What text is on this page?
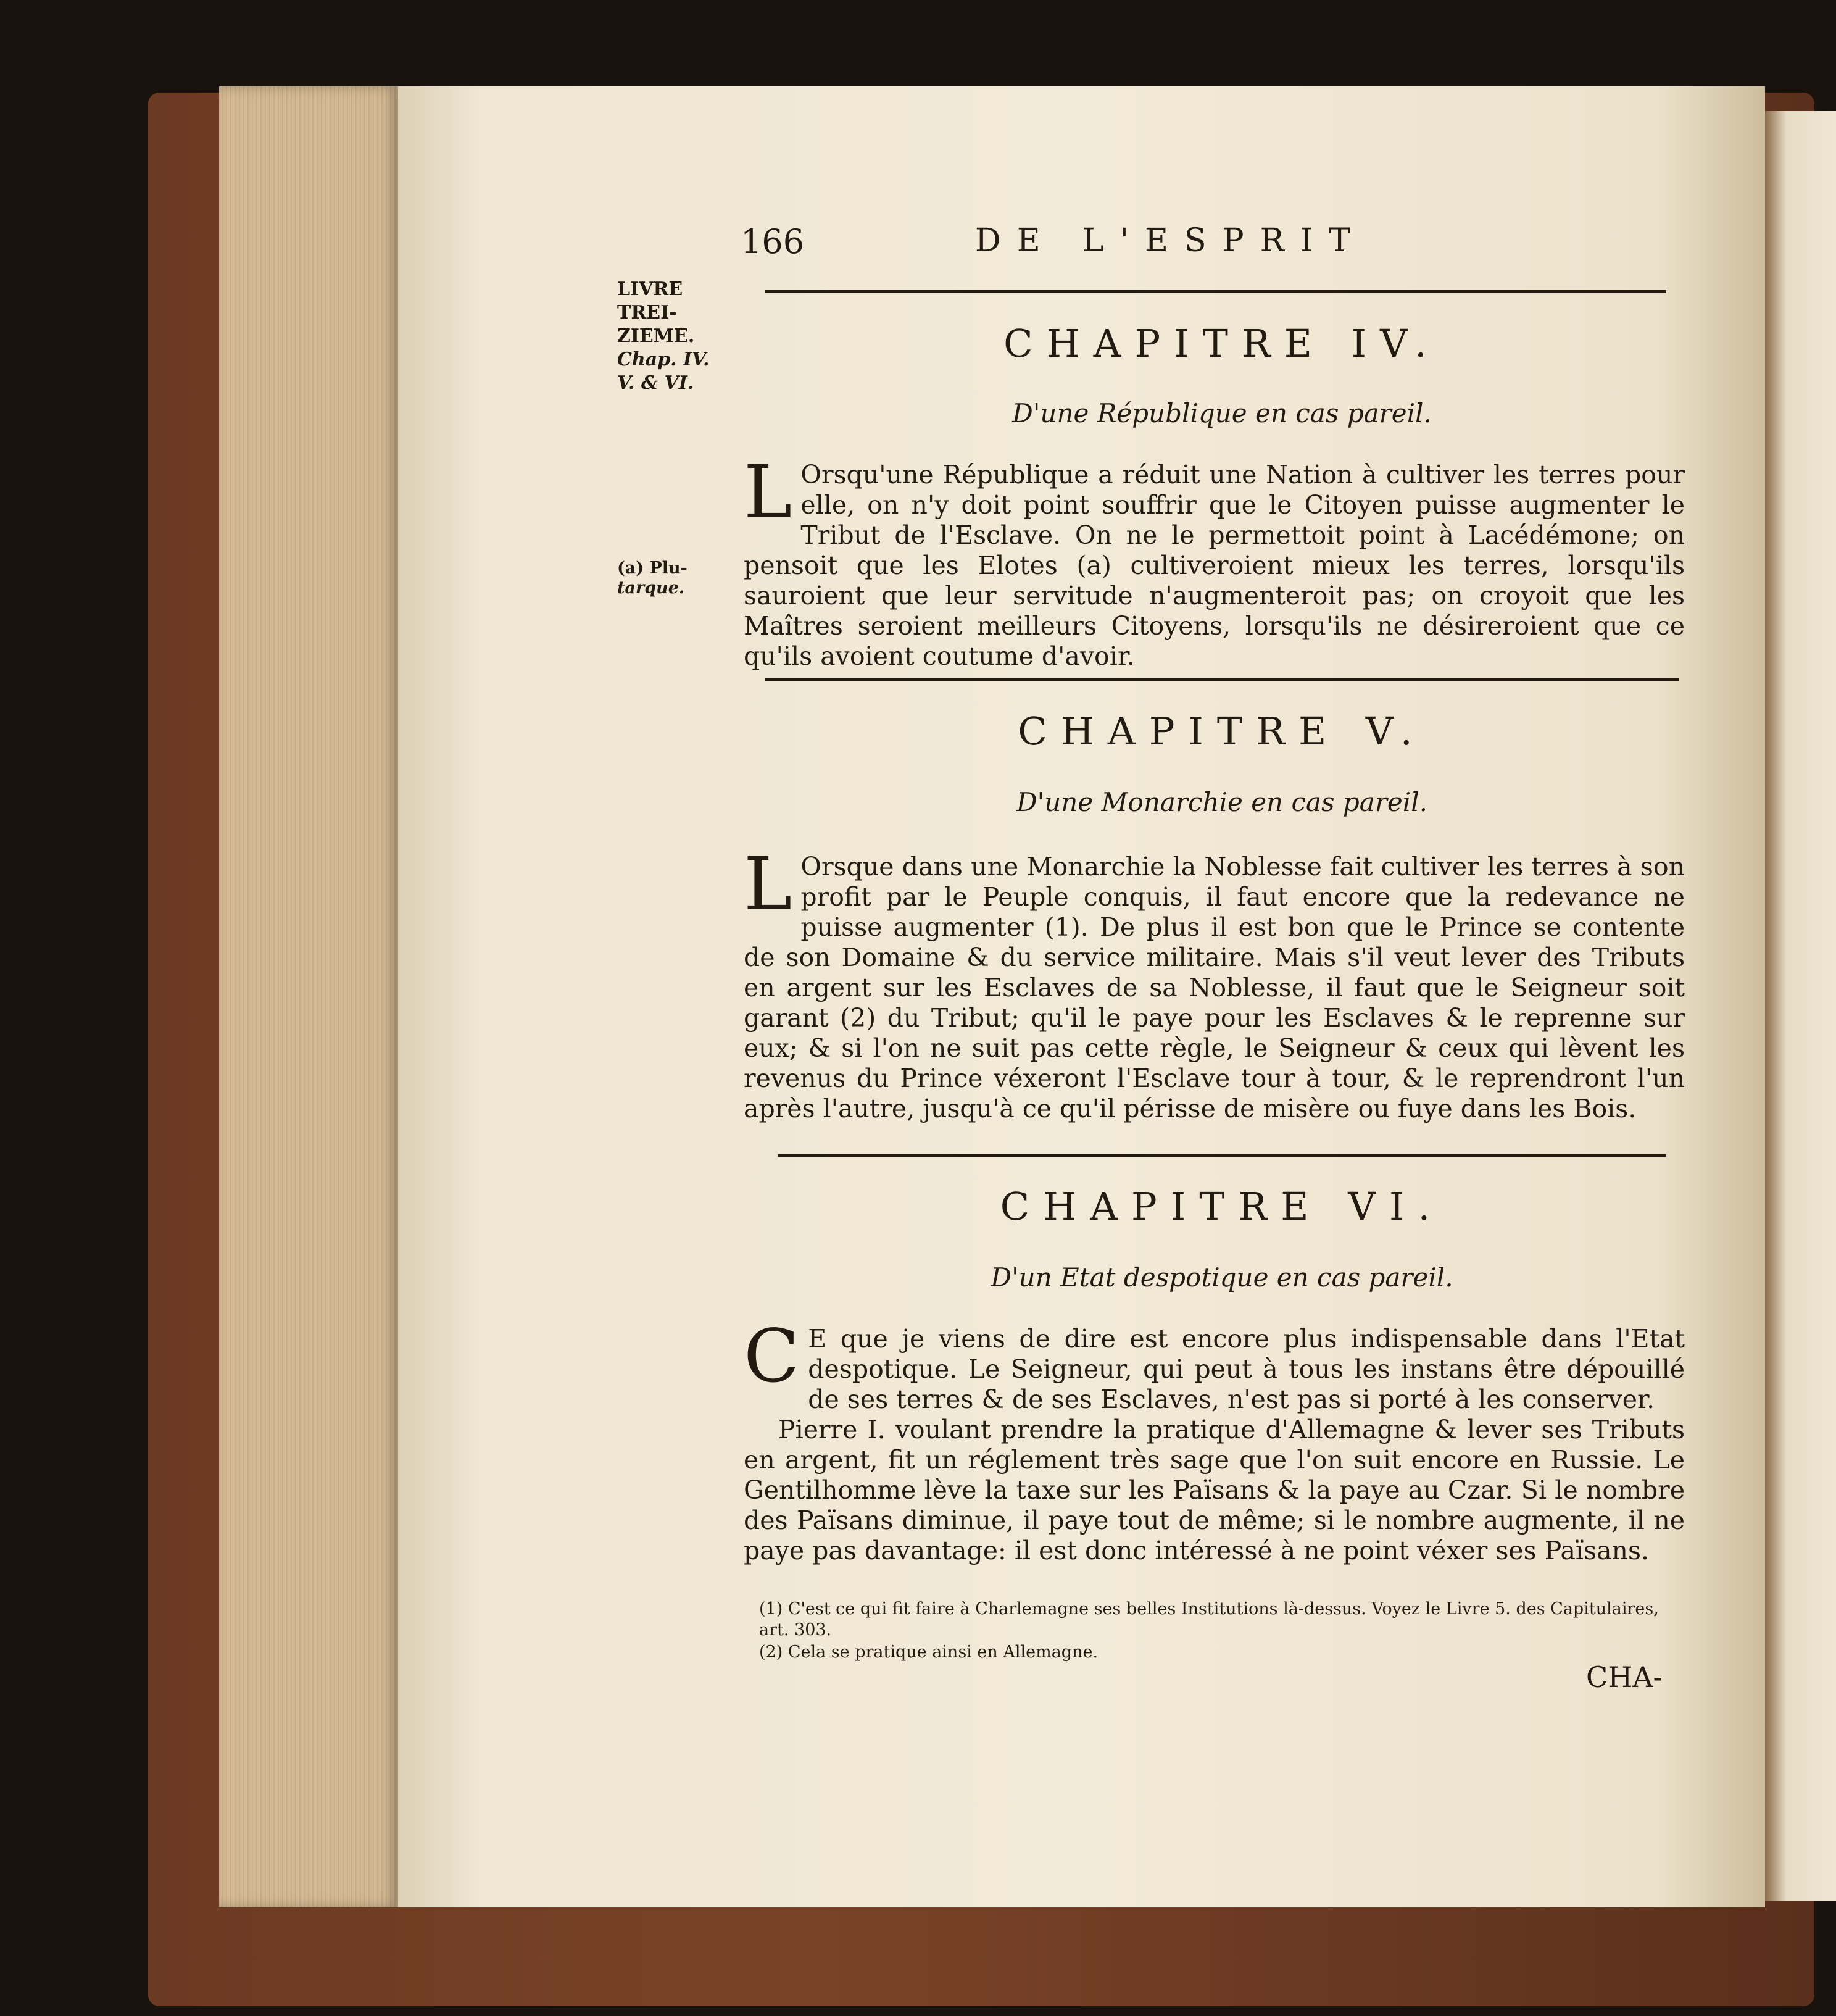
166	DE L'ESPRIT
LIVRE
TREI-
ZIEME.
Chap. IV.
V. & VI.
(a) Plu-
tarque.
CHAPITRE IV.
D'une République en cas pareil.
L Orsqu'une République a réduit une Nation à cultiver les terres pour elle, on n'y doit point souffrir que le Citoyen puisse augmenter le Tribut de l'Esclave. On ne le permettoit point à Lacédémone; on pensoit que les Elotes (a) cultiveroient mieux les terres, lorsqu'ils sauroient que leur servitude n'augmenteroit pas; on croyoit que les Maîtres seroient meilleurs Citoyens, lorsqu'ils ne désireroient que ce qu'ils avoient coutume d'avoir.
CHAPITRE V.
D'une Monarchie en cas pareil.
L Orsque dans une Monarchie la Noblesse fait cultiver les terres à son profit par le Peuple conquis, il faut encore que la redevance ne puisse augmenter (1). De plus il est bon que le Prince se contente de son Domaine & du service militaire. Mais s'il veut lever des Tributs en argent sur les Esclaves de sa Noblesse, il faut que le Seigneur soit garant (2) du Tribut; qu'il le paye pour les Esclaves & le reprenne sur eux; & si l'on ne suit pas cette règle, le Seigneur & ceux qui lèvent les revenus du Prince véxeront l'Esclave tour à tour, & le reprendront l'un après l'autre, jusqu'à ce qu'il périsse de misère ou fuye dans les Bois.
CHAPITRE VI.
D'un Etat despotique en cas pareil.
C E que je viens de dire est encore plus indispensable dans l'Etat despotique. Le Seigneur, qui peut à tous les instans être dépouillé de ses terres & de ses Esclaves, n'est pas si porté à les conserver.

Pierre I. voulant prendre la pratique d'Allemagne & lever ses Tributs en argent, fit un réglement très sage que l'on suit encore en Russie. Le Gentilhomme lève la taxe sur les Païsans & la paye au Czar. Si le nombre des Païsans diminue, il paye tout de même; si le nombre augmente, il ne paye pas davantage: il est donc intéressé à ne point véxer ses Païsans.

(1) C'est ce qui fit faire à Charlemagne ses belles Institutions là-dessus. Voyez le Livre 5. des Capitulaires, art. 303.
(2) Cela se pratique ainsi en Allemagne.
CHA-
